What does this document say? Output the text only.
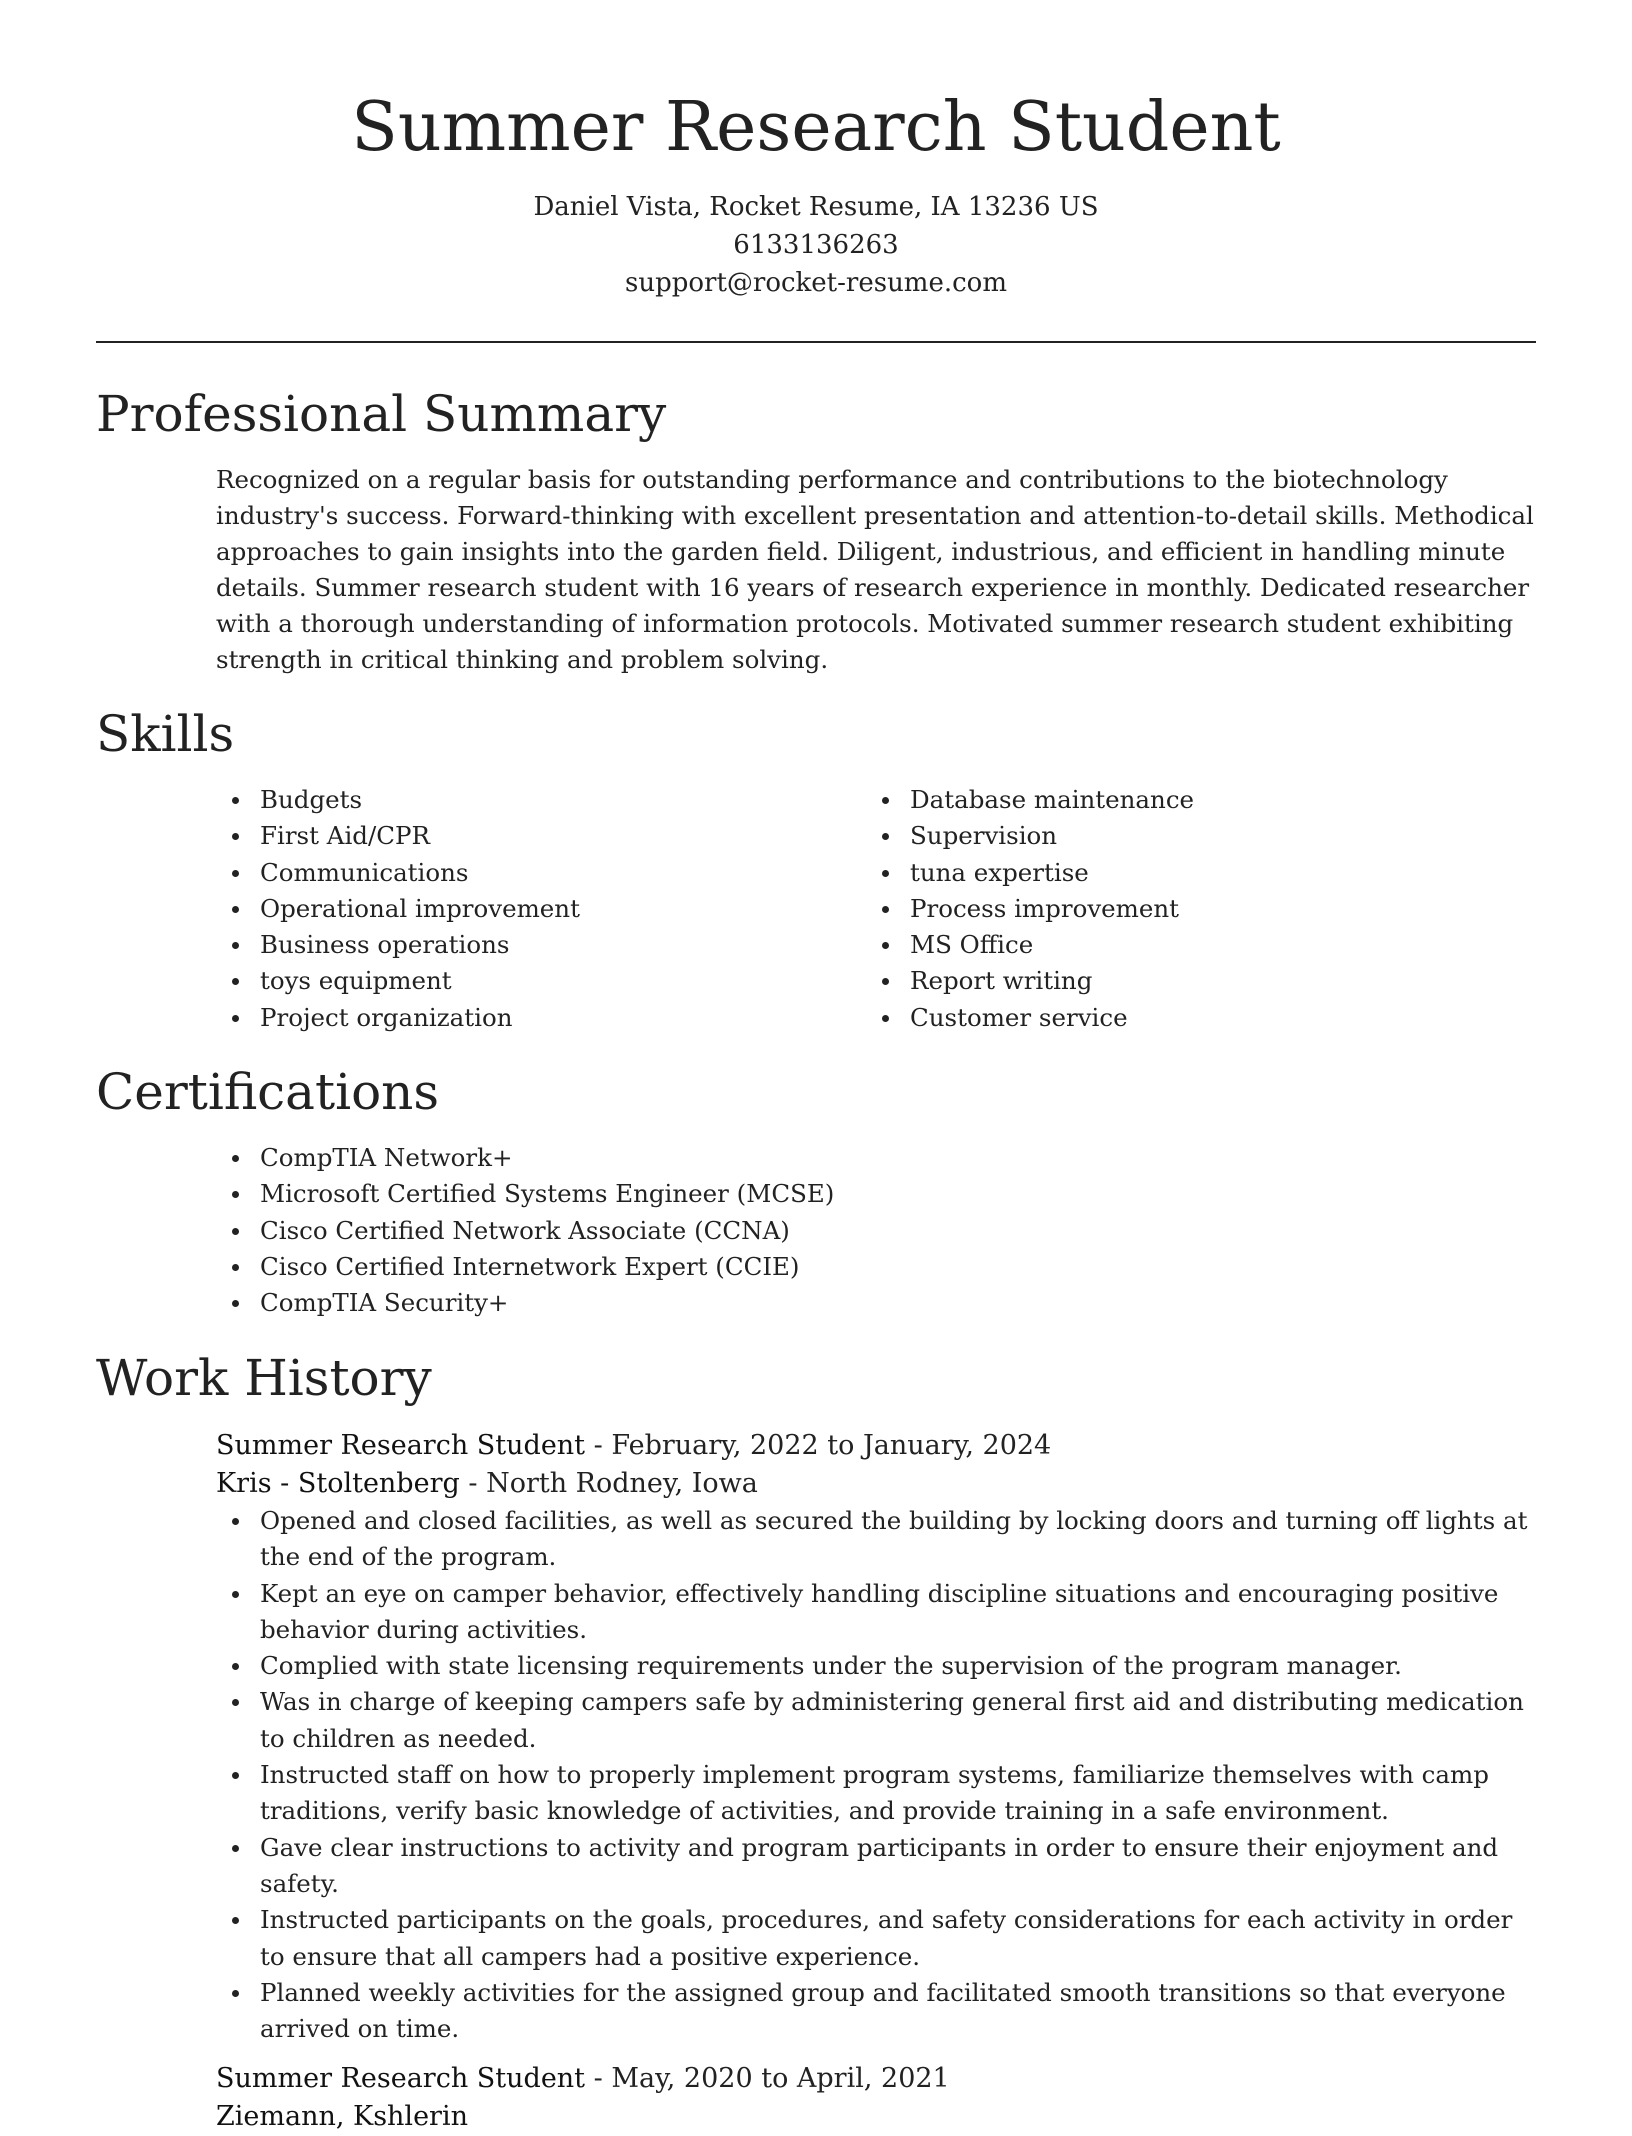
Summer Research Student

Daniel Vista, Rocket Resume, IA 13236 US

6133136263

support@rocket-resume.com

Professional Summary

Recognized on a regular basis for outstanding performance and contributions to the biotechnology industry's success. Forward-thinking with excellent presentation and attention-to-detail skills. Methodical approaches to gain insights into the garden field. Diligent, industrious, and efficient in handling minute details. Summer research student with 16 years of research experience in monthly. Dedicated researcher with a thorough understanding of information protocols. Motivated summer research student exhibiting strength in critical thinking and problem solving.

Skills
Budgets
First Aid/CPR
Communications
Operational improvement
Business operations
toys equipment
Project organization
Database maintenance
Supervision
tuna expertise
Process improvement
MS Office
Report writing
Customer service
Certifications
CompTIA Network+
Microsoft Certified Systems Engineer (MCSE)
Cisco Certified Network Associate (CCNA)
Cisco Certified Internetwork Expert (CCIE)
CompTIA Security+
Work History

Summer Research Student - February, 2022 to January, 2024

Kris - Stoltenberg - North Rodney, Iowa

Opened and closed facilities, as well as secured the building by locking doors and turning off lights at the end of the program.
Kept an eye on camper behavior, effectively handling discipline situations and encouraging positive behavior during activities.
Complied with state licensing requirements under the supervision of the program manager.
Was in charge of keeping campers safe by administering general first aid and distributing medication to children as needed.
Instructed staff on how to properly implement program systems, familiarize themselves with camp traditions, verify basic knowledge of activities, and provide training in a safe environment.
Gave clear instructions to activity and program participants in order to ensure their enjoyment and safety.
Instructed participants on the goals, procedures, and safety considerations for each activity in order to ensure that all campers had a positive experience.
Planned weekly activities for the assigned group and facilitated smooth transitions so that everyone arrived on time.

Summer Research Student - May, 2020 to April, 2021

Ziemann, Kshlerin
